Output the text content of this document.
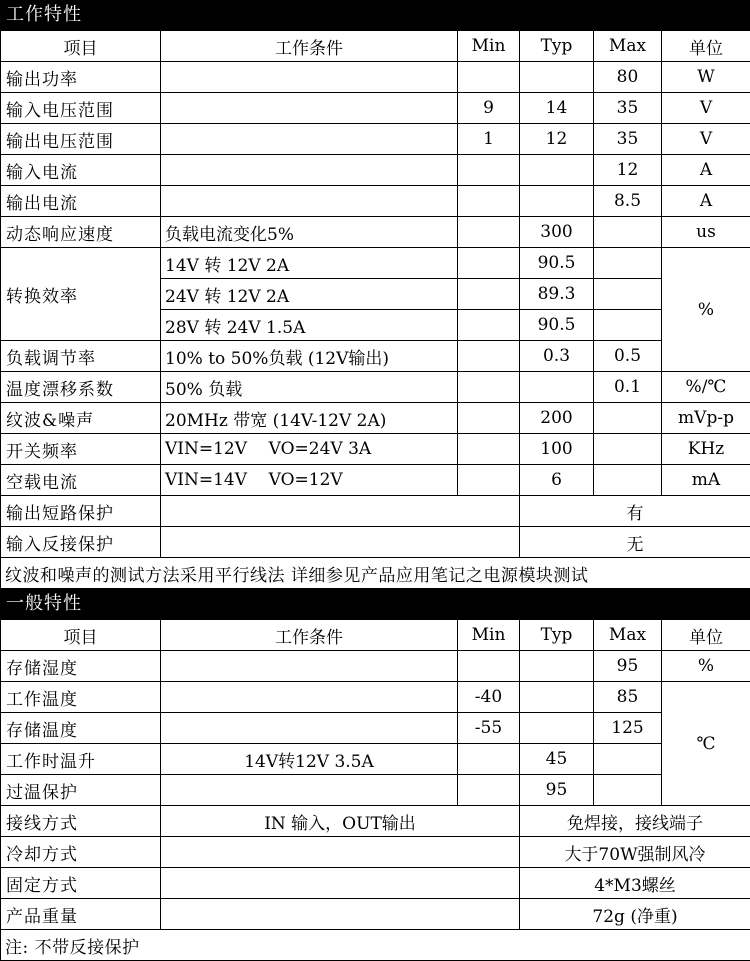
工作特性
项目	工作条件	Min	Typ	Max	单位
输出功率				80	W
输入电压范围		9	14	35	V
输出电压范围		1	12	35	V
输入电流				12	A
输出电流				8.5	A
动态响应速度	负载电流变化5%		300		us
转换效率	14V 转 12V 2A		90.5		%
	24V 转 12V 2A		89.3		
	28V 转 24V 1.5A		90.5		
负载调节率	10% to 50%负载 (12V输出)		0.3	0.5	
温度漂移系数	50% 负载			0.1	%/℃
纹波&噪声	20MHz 带宽 (14V-12V 2A)		200		mVp-p
开关频率	VIN=12V    VO=24V 3A		100		KHz
空载电流	VIN=14V    VO=12V		6		mA
输出短路保护			有		
输入反接保护			无		
纹波和噪声的测试方法采用平行线法 详细参见产品应用笔记之电源模块测试					
一般特性
项目	工作条件	Min	Typ	Max	单位
存储湿度				95	%
工作温度		-40		85	℃
存储温度		-55		125	
工作时温升	14V转12V 3.5A		45		
过温保护			95		
接线方式	IN 输入，OUT输出		免焊接，接线端子		
冷却方式			大于70W强制风冷		
固定方式			4*M3螺丝		
产品重量			72g (净重)		
注: 不带反接保护					
